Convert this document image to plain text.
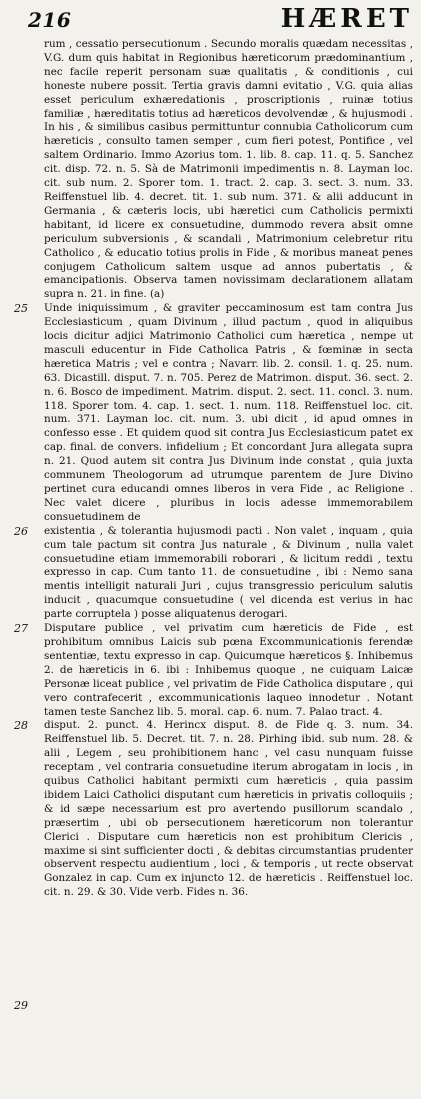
216	HÆRET

rum , cessatio persecutionum . Secundo moralis quædam necessitas , V.G. dum quis habitat in Regionibus hæreticorum prædominantium , nec facile reperit personam suæ qualitatis , & conditionis , cui honeste nubere possit. Tertia gravis damni evitatio , V.G. quia alias esset periculum exhæredationis , proscriptionis , ruinæ totius familiæ , hæreditatis totius ad hæreticos devolvendæ , & hujusmodi . In his , & similibus casibus permittuntur connubia Catholicorum cum hæreticis , consulto tamen semper , cum fieri potest, Pontifice , vel saltem Ordinario. Immo Azorius tom. 1. lib. 8. cap. 11. q. 5. Sanchez cit. disp. 72. n. 5. Sà de Matrimonii impedimentis n. 8. Layman loc. cit. sub num. 2. Sporer tom. 1. tract. 2. cap. 3. sect. 3. num. 33. Reiffenstuel lib. 4. decret. tit. 1. sub num. 371. & alii adducunt in Germania , & cæteris locis, ubi hæretici cum Catholicis permixti habitant, id licere ex consuetudine, dummodo revera absit omne periculum subversionis , & scandali , Matrimonium celebretur ritu Catholico , & educatio totius prolis in Fide , & moribus maneat penes conjugem Catholicum saltem usque ad annos pubertatis , & emancipationis. Observa tamen novissimam declarationem allatam supra n. 21. in fine. (a)

25 Unde iniquissimum , & graviter peccaminosum est tam contra Jus Ecclesiasticum , quam Divinum , illud pactum , quod in aliquibus locis dicitur adjici Matrimonio Catholici cum hæretica , nempe ut masculi educentur in Fide Catholica Patris , & fœminæ in secta hæretica Matris ; vel e contra ; Navarr. lib. 2. consil. 1. q. 25. num. 63. Dicastill. disput. 7. n. 705. Perez de Matrimon. disput. 36. sect. 2. n. 6. Bosco de impediment. Matrim. disput. 2. sect. 11. concl. 3. num. 118. Sporer tom. 4. cap. 1. sect. 1. num. 118. Reiffenstuel loc. cit. num. 371. Layman loc. cit. num. 3. ubi dicit , id apud omnes in confesso esse . Et quidem quod sit contra Jus Ecclesiasticum patet ex cap. final. de convers. infidelium ; Et concordant Jura allegata supra n. 21. Quod autem sit contra Jus Divinum inde constat , quia juxta communem Theologorum ad utrumque parentem de Jure Divino pertinet cura educandi omnes liberos in vera Fide , ac Religione . Nec valet dicere , pluribus in locis adesse immemorabilem consuetudinem de

26 existentia , & tolerantia hujusmodi pacti . Non valet , inquam , quia cum tale pactum sit contra Jus naturale , & Divinum , nulla valet consuetudine etiam immemorabili roborari , & licitum reddi , textu expresso in cap. Cum tanto 11. de consuetudine , ibi : Nemo sana mentis intelligit naturali Juri , cujus transgressio periculum salutis inducit , quacumque consuetudine ( vel dicenda est verius in hac parte corruptela ) posse aliquatenus derogari.

27 Disputare publice , vel privatim cum hæreticis de Fide , est prohibitum omnibus Laicis sub pœna Excommunicationis ferendæ sententiæ, textu expresso in cap. Quicumque hæreticos §. Inhibemus 2. de hæreticis in 6. ibi : Inhibemus quoque , ne cuiquam Laicæ Personæ liceat publice , vel privatim de Fide Catholica disputare , qui vero contrafecerit , excommunicationis laqueo innodetur . Notant tamen teste Sanchez lib. 5. moral. cap. 6. num. 7. Palao tract. 4.

28
29
disput. 2. punct. 4. Herincx disput. 8. de Fide q. 3. num. 34. Reiffenstuel lib. 5. Decret. tit. 7. n. 28. Pirhing ibid. sub num. 28. & alii , Legem , seu prohibitionem hanc , vel casu nunquam fuisse receptam , vel contraria consuetudine iterum abrogatam in locis , in quibus Catholici habitant permixti cum hæreticis , quia passim ibidem Laici Catholici disputant cum hæreticis in privatis colloquiis ; & id sæpe necessarium est pro avertendo pusillorum scandalo , præsertim , ubi ob persecutionem hæreticorum non tolerantur Clerici . Disputare cum hæreticis non est prohibitum Clericis , maxime si sint sufficienter docti , & debitas circumstantias prudenter observent respectu audientium , loci , & temporis , ut recte observat Gonzalez in cap. Cum ex injuncto 12. de hæreticis . Reiffenstuel loc. cit. n. 29. & 30. Vide verb. Fides n. 36.
